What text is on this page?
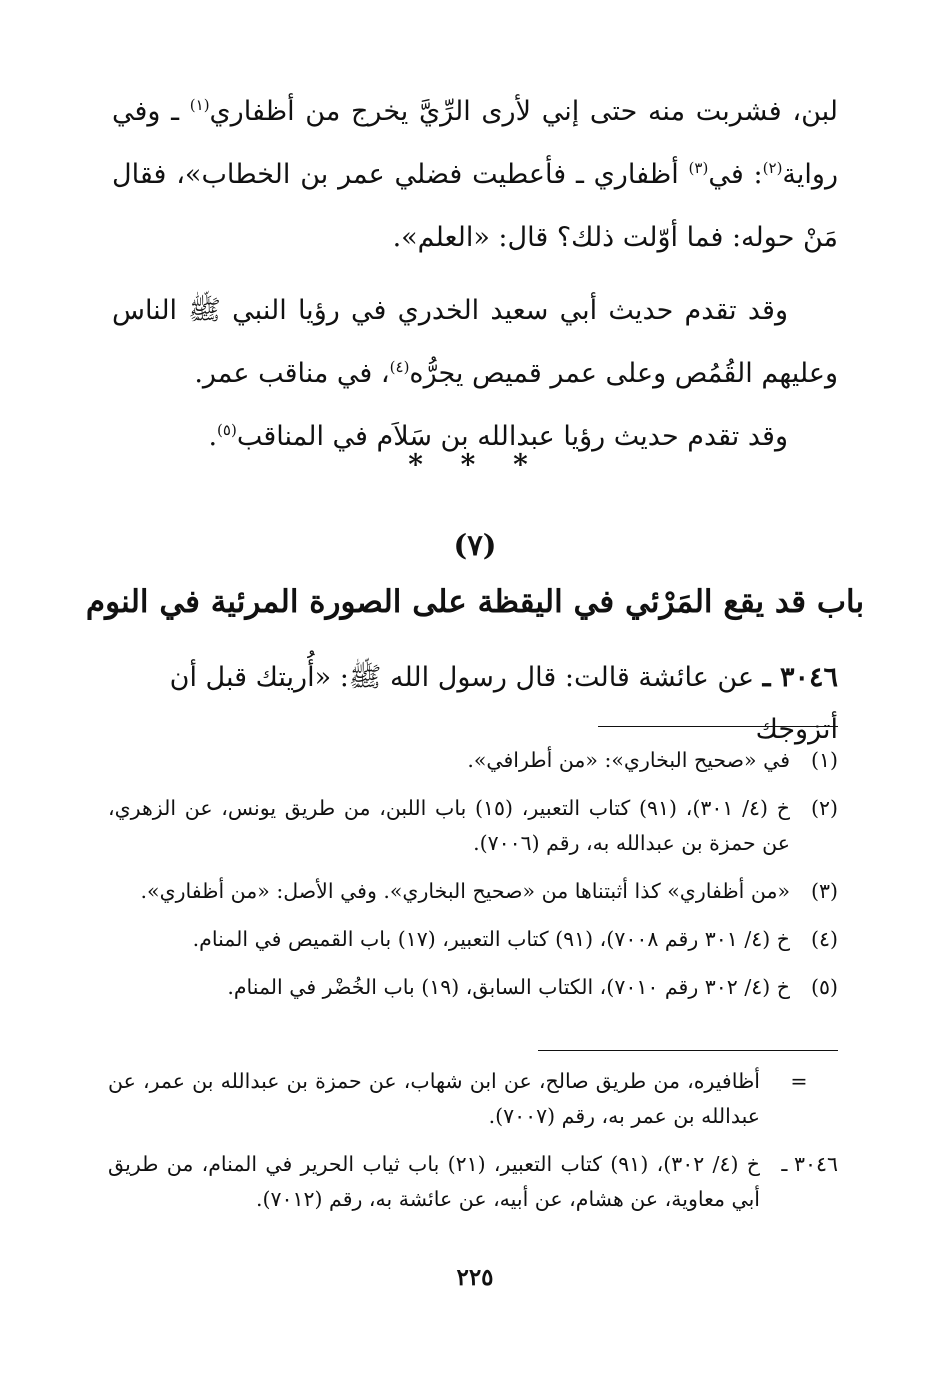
لبن، فشربت منه حتى إني لأرى الرِّيَّ يخرج من أظفاري$^{(١)}$ ـ وفي رواية$^{(٢)}$: في$^{(٣)}$ أظفاري ـ فأعطيت فضلي عمر بن الخطاب»، فقال مَنْ حوله: فما أوّلت ذلك؟ قال: «العلم».

وقد تقدم حديث أبي سعيد الخدري في رؤيا النبي ﷺ الناس وعليهم القُمُص وعلى عمر قميص يجرُّه$^{(٤)}$، في مناقب عمر.

وقد تقدم حديث رؤيا عبدالله بن سَلاَم في المناقب$^{(٥)}$.

* * *
(٧)
باب قد يقع المَرْئي في اليقظة على الصورة المرئية في النوم
٣٠٤٦ ـ عن عائشة قالت: قال رسول الله ﷺ: «أُريتك قبل أن أتزوجك
(١)
في «صحيح البخاري»: «من أطرافي».
(٢)
خ (٤/ ٣٠١)، (٩١) كتاب التعبير، (١٥) باب اللبن، من طريق يونس، عن الزهري، عن حمزة بن عبدالله به، رقم (٧٠٠٦).
(٣)
«من أظفاري» كذا أثبتناها من «صحيح البخاري». وفي الأصل: «من أظفاري».
(٤)
خ (٤/ ٣٠١ رقم ٧٠٠٨)، (٩١) كتاب التعبير، (١٧) باب القميص في المنام.
(٥)
خ (٤/ ٣٠٢ رقم ٧٠١٠)، الكتاب السابق، (١٩) باب الخُضْر في المنام.
=
أظافيره، من طريق صالح، عن ابن شهاب، عن حمزة بن عبدالله بن عمر، عن عبدالله بن عمر به، رقم (٧٠٠٧).
٣٠٤٦ ـ
خ (٤/ ٣٠٢)، (٩١) كتاب التعبير، (٢١) باب ثياب الحرير في المنام، من طريق أبي معاوية، عن هشام، عن أبيه، عن عائشة به، رقم (٧٠١٢).
٢٢٥
